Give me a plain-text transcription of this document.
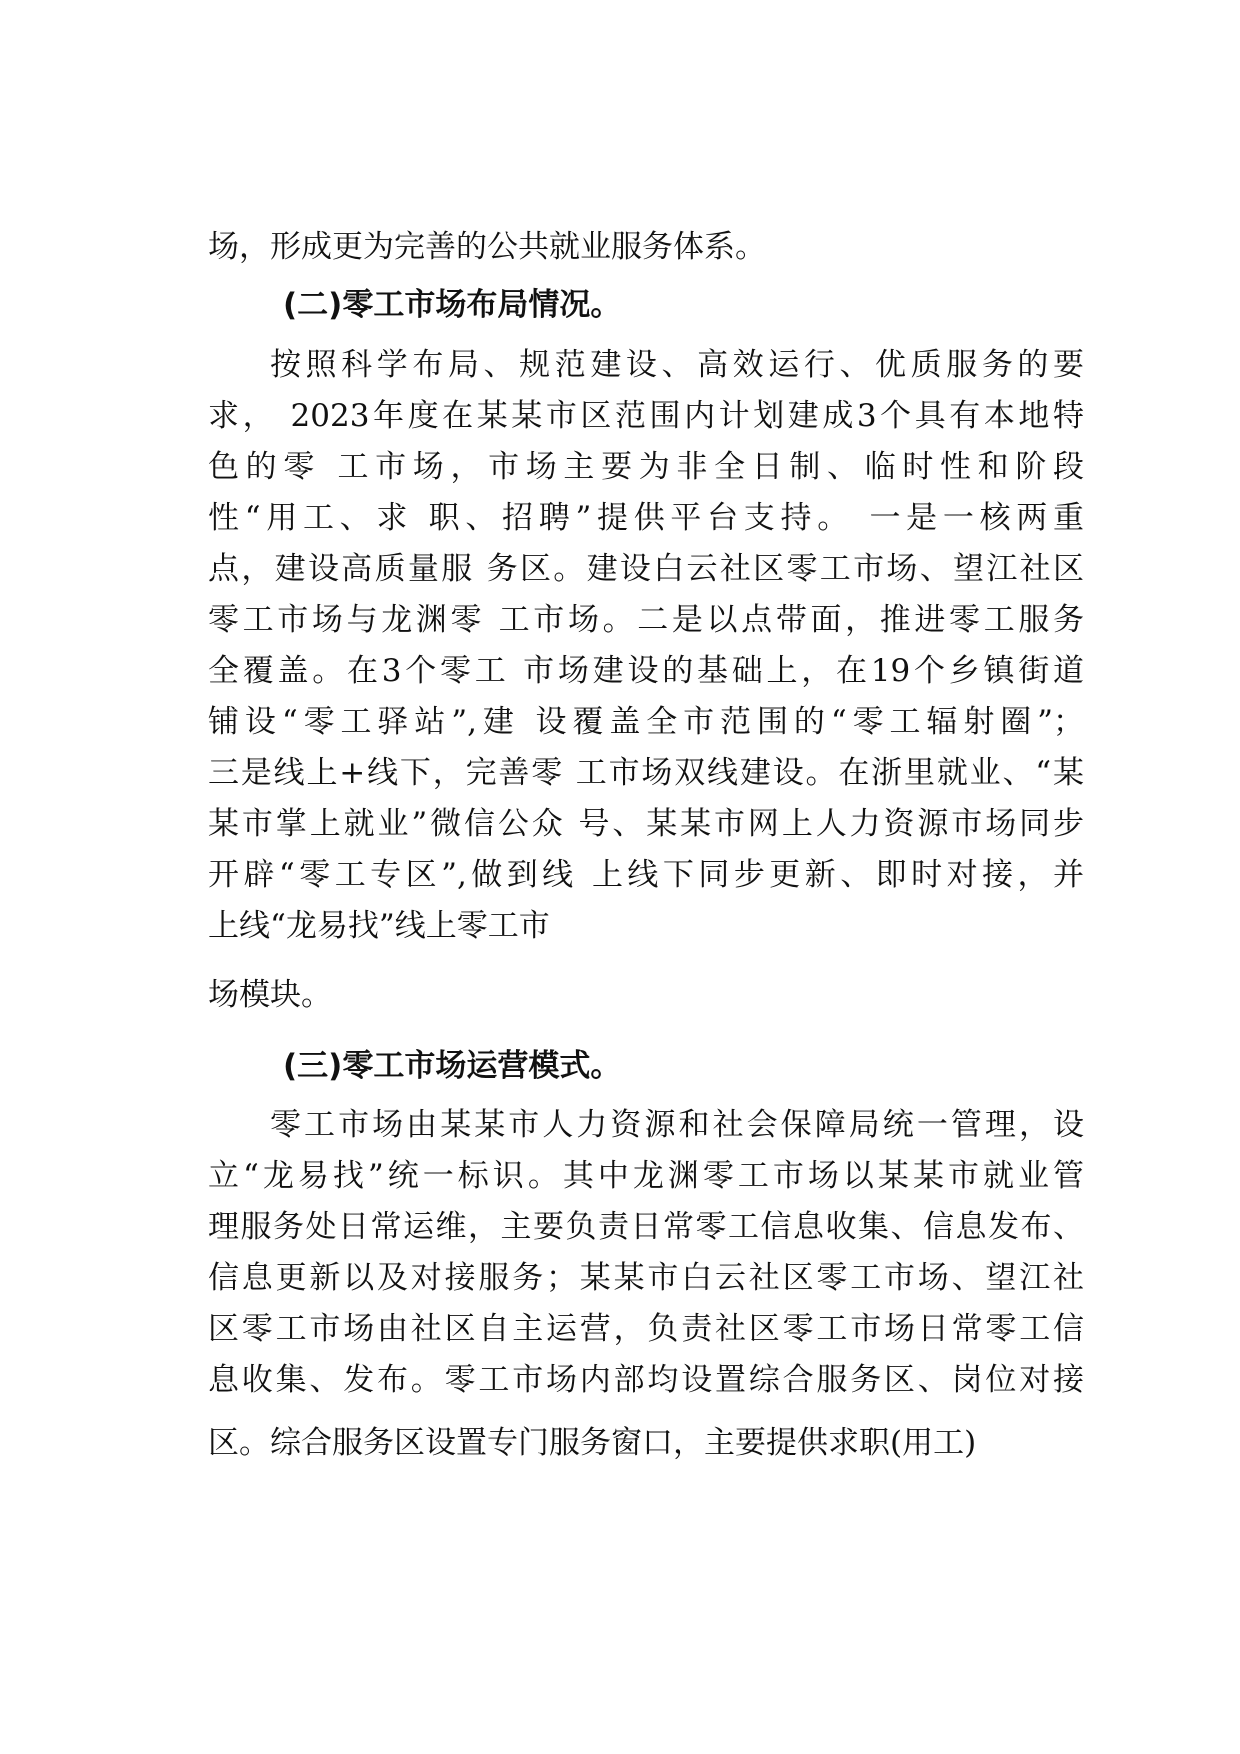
场，形成更为完善的公共就业服务体系。
(二)零工市场布局情况。
按照科学布局、规范建设、高效运行、优质服务的要
求， 2023年度在某某市区范围内计划建成3个具有本地特
色的零 工市场，市场主要为非全日制、临时性和阶段
性“用工、求 职、招聘”提供平台支持。 一是一核两重
点，建设高质量服 务区。建设白云社区零工市场、望江社区
零工市场与龙渊零 工市场。二是以点带面，推进零工服务
全覆盖。在3个零工 市场建设的基础上，在19个乡镇街道
铺设“零工驿站”,建 设覆盖全市范围的“零工辐射圈”；
三是线上+线下，完善零 工市场双线建设。在浙里就业、“某
某市掌上就业”微信公众 号、某某市网上人力资源市场同步
开辟“零工专区”,做到线 上线下同步更新、即时对接，并
上线“龙易找”线上零工市
场模块。
(三)零工市场运营模式。
零工市场由某某市人力资源和社会保障局统一管理，设
立“龙易找”统一标识。其中龙渊零工市场以某某市就业管
理服务处日常运维，主要负责日常零工信息收集、信息发布、
信息更新以及对接服务；某某市白云社区零工市场、望江社
区零工市场由社区自主运营，负责社区零工市场日常零工信
息收集、发布。零工市场内部均设置综合服务区、岗位对接
区。综合服务区设置专门服务窗口，主要提供求职(用工)
